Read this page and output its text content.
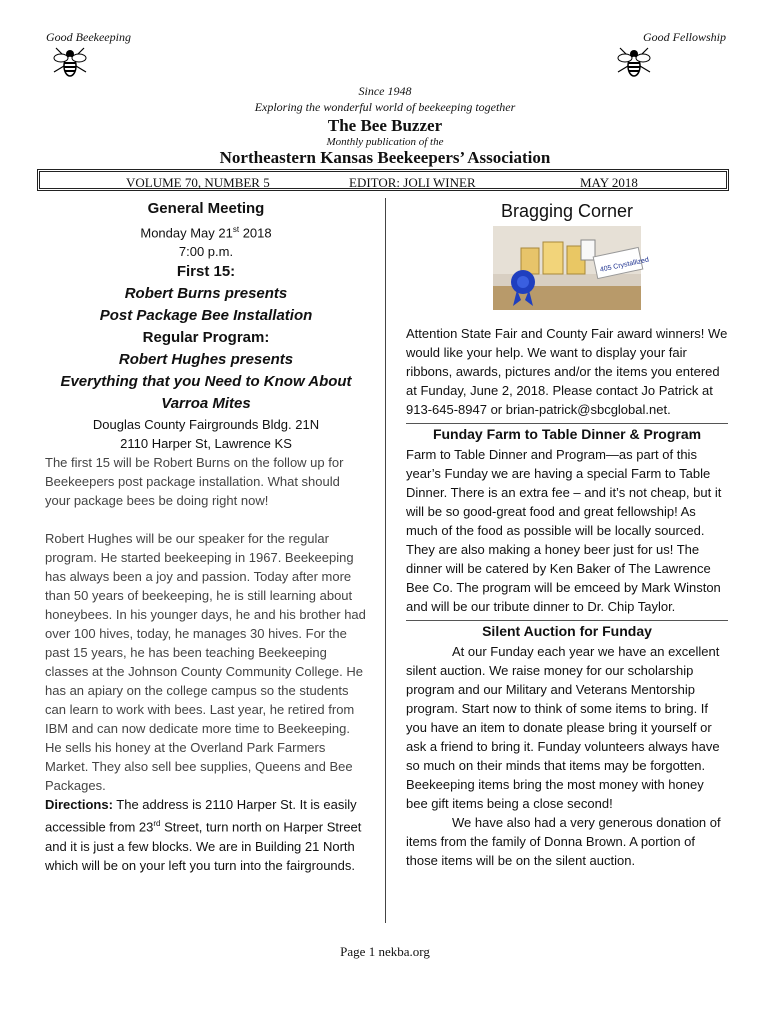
Good Beekeeping	Good Fellowship
Since 1948
Exploring the wonderful world of beekeeping together
The Bee Buzzer
Monthly publication of the
Northeastern Kansas Beekeepers’ Association
VOLUME 70, NUMBER 5	EDITOR: JOLI WINER	MAY 2018
General Meeting
Monday May 21st 2018
7:00 p.m.
First 15:
Robert Burns presents
Post Package Bee Installation
Regular Program:
Robert Hughes presents
Everything that you Need to Know About
Varroa Mites
Douglas County Fairgrounds Bldg. 21N
2110 Harper St, Lawrence KS

The first 15 will be Robert Burns on the follow up for Beekeepers post package installation. What should your package bees be doing right now!

Robert Hughes will be our speaker for the regular program. He started beekeeping in 1967. Beekeeping has always been a joy and passion. Today after more than 50 years of beekeeping, he is still learning about honeybees. In his younger days, he and his brother had over 100 hives, today, he manages 30 hives. For the past 15 years, he has been teaching Beekeeping classes at the Johnson County Community College. He has an apiary on the college campus so the students can learn to work with bees. Last year, he retired from IBM and can now dedicate more time to Beekeeping. He sells his honey at the Overland Park Farmers Market. They also sell bee supplies, Queens and Bee Packages.

Directions: The address is 2110 Harper St. It is easily accessible from 23rd Street, turn north on Harper Street and it is just a few blocks. We are in Building 21 North which will be on your left you turn into the fairgrounds.

Bragging Corner
405 Crystallized

Attention State Fair and County Fair award winners! We would like your help. We want to display your fair ribbons, awards, pictures and/or the items you entered at Funday, June 2, 2018. Please contact Jo Patrick at 913-645-8947 or brian-patrick@sbcglobal.net.

Funday Farm to Table Dinner & Program

Farm to Table Dinner and Program—as part of this year’s Funday we are having a special Farm to Table Dinner. There is an extra fee – and it’s not cheap, but it will be so good-great food and great fellowship! As much of the food as possible will be locally sourced. They are also making a honey beer just for us! The dinner will be catered by Ken Baker of The Lawrence Bee Co. The program will be emceed by Mark Winston and will be our tribute dinner to Dr. Chip Taylor.

Silent Auction for Funday

At our Funday each year we have an excellent silent auction. We raise money for our scholarship program and our Military and Veterans Mentorship program. Start now to think of some items to bring. If you have an item to donate please bring it yourself or ask a friend to bring it. Funday volunteers always have so much on their minds that items may be forgotten. Beekeeping items bring the most money with honey bee gift items being a close second!

We have also had a very generous donation of items from the family of Donna Brown. A portion of those items will be on the silent auction.

Page 1 nekba.org
